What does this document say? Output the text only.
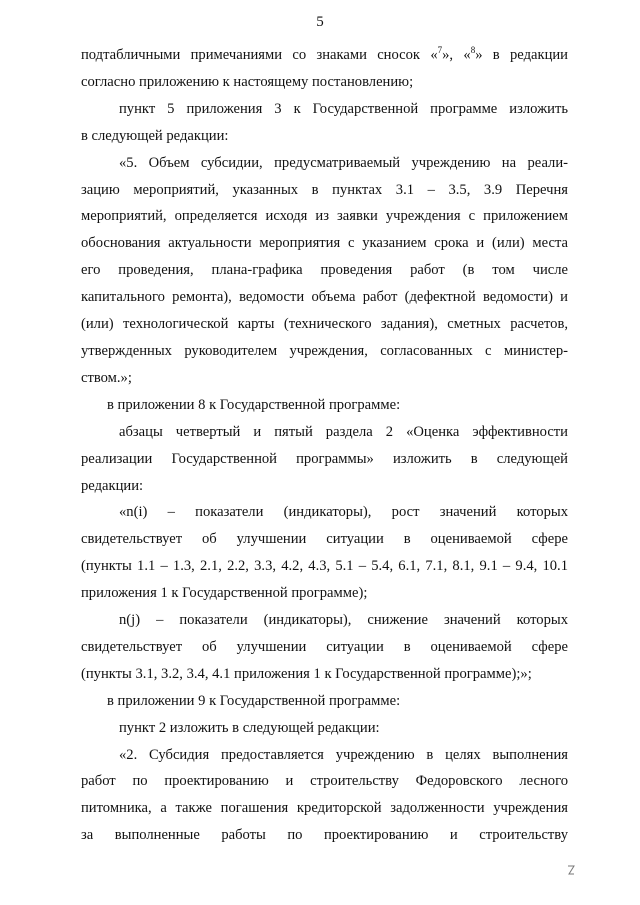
5

подтабличными примечаниями со знаками сносок «$^7$», «$^8$» в редакции

согласно приложению к настоящему постановлению;

пункт 5 приложения 3 к Государственной программе изложить

в следующей редакции:

«5. Объем субсидии, предусматриваемый учреждению на реали-

зацию мероприятий, указанных в пунктах 3.1 – 3.5, 3.9 Перечня

мероприятий, определяется исходя из заявки учреждения с приложением

обоснования актуальности мероприятия с указанием срока и (или) места

его проведения, плана-графика проведения работ (в том числе

капитального ремонта), ведомости объема работ (дефектной ведомости) и

(или) технологической карты (технического задания), сметных расчетов,

утвержденных руководителем учреждения, согласованных с министер-

ством.»;

в приложении 8 к Государственной программе:

абзацы четвертый и пятый раздела 2 «Оценка эффективности

реализации Государственной программы» изложить в следующей

редакции:

«n(i) – показатели (индикаторы), рост значений которых

свидетельствует об улучшении ситуации в оцениваемой сфере

(пункты 1.1 – 1.3, 2.1, 2.2, 3.3, 4.2, 4.3, 5.1 – 5.4, 6.1, 7.1, 8.1, 9.1 – 9.4, 10.1

приложения 1 к Государственной программе);

n(j) – показатели (индикаторы), снижение значений которых

свидетельствует об улучшении ситуации в оцениваемой сфере

(пункты 3.1, 3.2, 3.4, 4.1 приложения 1 к Государственной программе);»;

в приложении 9 к Государственной программе:

пункт 2 изложить в следующей редакции:

«2. Субсидия предоставляется учреждению в целях выполнения

работ по проектированию и строительству Федоровского лесного

питомника, а также погашения кредиторской задолженности учреждения

за выполненные работы по проектированию и строительству
